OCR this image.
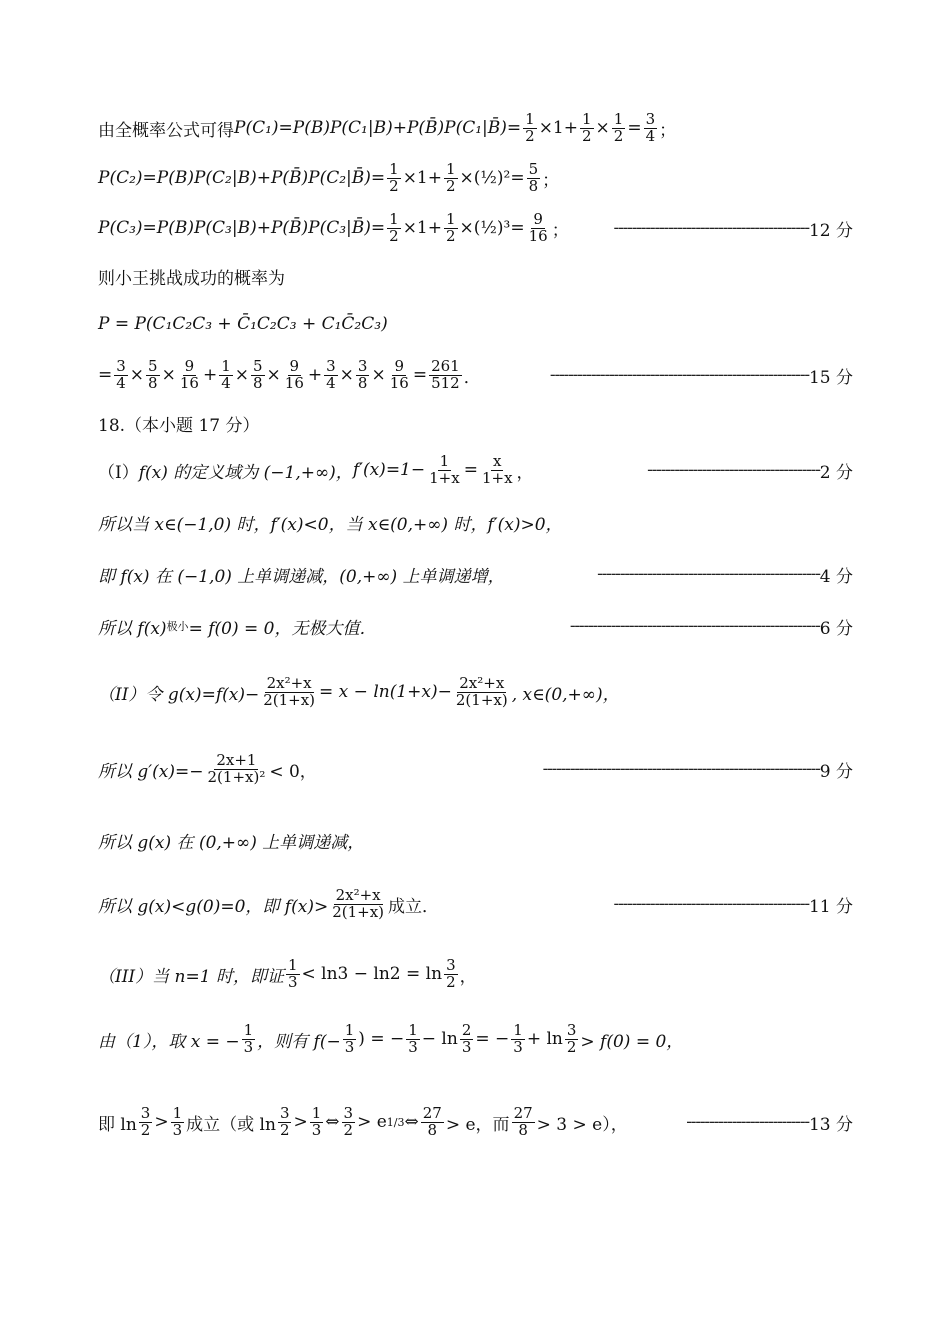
由全概率公式可得 P(C₁)=P(B)P(C₁|B)+P(B̄)P(C₁|B̄)= $\frac{1}{2} \times 1+ \frac{1}{2} \times \frac{1}{2} = \frac{3}{4}$ ；
P(C₂)=P(B)P(C₂|B)+P(B̄)P(C₂|B̄)= $\frac{1}{2} \times 1+ \frac{1}{2}$ × (½)² = $\frac{5}{8}$ ；
P(C₃)=P(B)P(C₃|B)+P(B̄)P(C₃|B̄)= $\frac{1}{2} \times 1+ \frac{1}{2}$ × (½)³ = $\frac{9}{16}$ ；	------------------------------------------- 12 分
则小王挑战成功的概率为
P = P(C₁C₂C₃ + C̄₁C₂C₃ + C₁C̄₂C₃)
= $\frac{3}{4} \times \frac{5}{8} \times \frac{9}{16} + \frac{1}{4} \times \frac{5}{8} \times \frac{9}{16} + \frac{3}{4} \times \frac{3}{8} \times \frac{9}{16} = \frac{261}{512}$ ．	--------------------------------------------------------- 15 分
18.（本小题 17 分）
（I） f(x) 的定义域为 (−1,+∞)， $f'(x)=1- \frac{1}{1+x} = \frac{x}{1+x}$ ，	-------------------------------------- 2 分
所以当 x∈(−1,0) 时，f′(x)<0，当 x∈(0,+∞) 时，f′(x)>0，
即 f(x) 在 (−1,0) 上单调递减，(0,+∞) 上单调递增，	------------------------------------------------- 4 分
所以 f(x) 极小 = f(0) = 0，无极大值．	------------------------------------------------------- 6 分
（II）令 $g(x)=f(x)- \frac{\text{2x²+x}}{2(1+x)} = x - \ln(1+x)- \frac{\text{2x²+x}}{2(1+x)}$ , x∈(0,+∞)，
所以 $g'(x)=- \frac{2x+1}{\text{2(1+x)²}} < 0$，	------------------------------------------------------------- 9 分
所以 g(x) 在 (0,+∞) 上单调递减，
所以 g(x)<g(0)=0，即 $f(x)> \frac{\text{2x²+x}}{2(1+x)}$ 成立．	------------------------------------------- 11 分
（III）当 n=1 时，即证 $\frac{1}{3} < \ln 3 - \ln 2 = \ln \frac{3}{2}$ ，
由（1），取 x = − $\frac{1}{3}$ ，则有 $f(- \frac{1}{3}$ ) = − $\frac{1}{3} - \ln \frac{2}{3}$ = − $\frac{1}{3} + \ln \frac{3}{2} > f(0) = 0$，
即 $\ln \frac{3}{2} > \frac{1}{3}$ 成立（或 $\ln \frac{3}{2} > \frac{1}{3}$ ⇔ $\frac{3}{2} > e$ 1/3 ⇔ $\frac{27}{8} > e$，而 $\frac{27}{8} > 3 > e$），	--------------------------- 13 分
